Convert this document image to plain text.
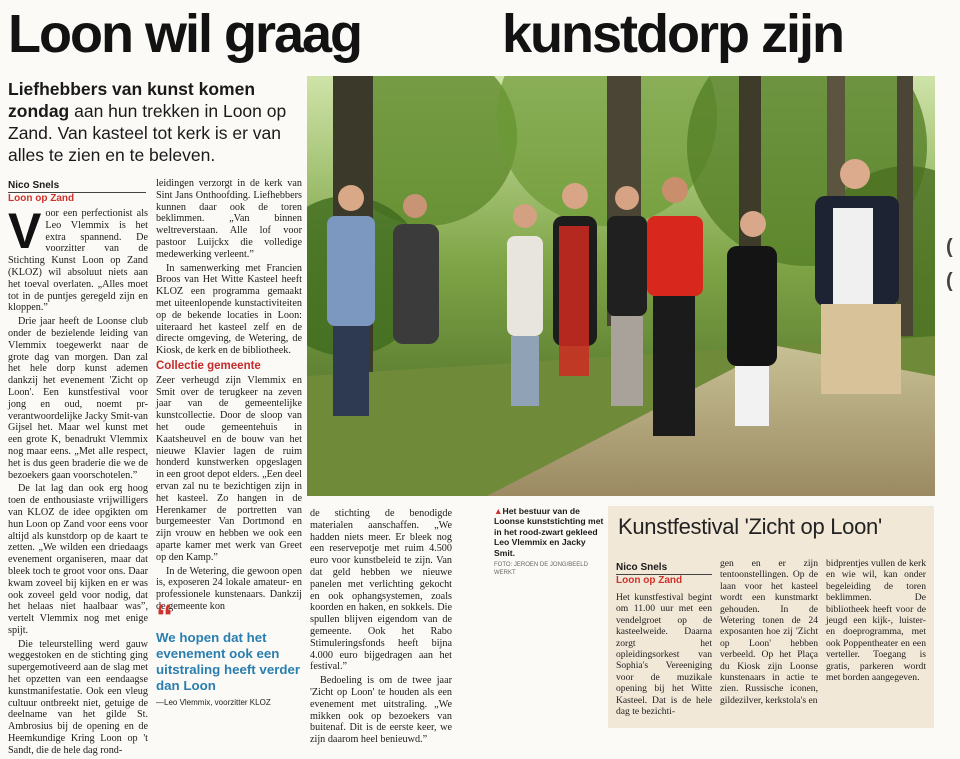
Loon wil graag	kunstdorp zijn
Liefhebbers van kunst komen zondag aan hun trekken in Loon op Zand. Van kasteel tot kerk is er van alles te zien en te beleven.
Nico Snels
Loon op Zand

Voor een perfectionist als Leo Vlemmix is het extra spannend. De voorzitter van de Stichting Kunst Loon op Zand (KLOZ) wil absoluut niets aan het toeval overlaten. „Alles moet tot in de puntjes geregeld zijn en kloppen.”

Drie jaar heeft de Loonse club onder de bezielende leiding van Vlemmix toegewerkt naar de grote dag van morgen. Dan zal het hele dorp kunst ademen dankzij het evenement 'Zicht op Loon'. Een kunstfestival voor jong en oud, noemt pr-verantwoordelijke Jacky Smit-van Gijsel het. Maar wel kunst met een grote K, benadrukt Vlemmix nog maar eens. „Met alle respect, het is dus geen braderie die we de bezoekers gaan voorschotelen.”

De lat lag dan ook erg hoog toen de enthousiaste vrijwilligers van KLOZ de idee opgikten om hun Loon op Zand voor eens voor altijd als kunstdorp op de kaart te zetten. „We wilden een driedaags evenement organiseren, maar dat bleek toch te groot voor ons. Daar kwam zoveel bij kijken en er was ook zoveel geld voor nodig, dat het helaas niet haalbaar was”, vertelt Vlemmix nog met enige spijt.

Die teleurstelling werd gauw weggestoken en de stichting ging supergemotiveerd aan de slag met het opzetten van een eendaagse kunstmanifestatie. Ook een vleug cultuur ontbreekt niet, getuige de deelname van het gilde St. Ambrosius bij de opening en de Heemkundige Kring Loon op 't Sandt, die de hele dag rond-

leidingen verzorgt in de kerk van Sint Jans Onthoofding. Liefhebbers kunnen daar ook de toren beklimmen. „Van binnen weltreverstaan. Alle lof voor pastoor Luijckx die volledige medewerking verleent.”

In samenwerking met Francien Broos van Het Witte Kasteel heeft KLOZ een programma gemaakt met uiteenlopende kunstactiviteiten op de bekende locaties in Loon: uiteraard het kasteel zelf en de directe omgeving, de Wetering, de Kiosk, de kerk en de bibliotheek.

Collectie gemeente

Zeer verheugd zijn Vlemmix en Smit over de terugkeer na zeven jaar van de gemeentelijke kunstcollectie. Door de sloop van het oude gemeentehuis in Kaatsheuvel en de bouw van het nieuwe Klavier lagen de ruim honderd kunstwerken opgeslagen in een groot depot elders. „Een deel ervan zal nu te bezichtigen zijn in het kasteel. Zo hangen in de Herenkamer de portretten van burgemeester Van Dortmond en zijn vrouw en hebben we ook een aparte kamer met werk van Greet op den Kamp.”

In de Wetering, die gewoon open is, exposeren 24 lokale amateur- en professionele kunstenaars. Dankzij de gemeente kon

“
We hopen dat het evenement ook een uitstraling heeft verder dan Loon
—Leo Vlemmix, voorzitter KLOZ

de stichting de benodigde materialen aanschaffen. „We hadden niets meer. Er bleek nog een reservepotje met ruim 4.500 euro voor kunstbeleid te zijn. Van dat geld hebben we nieuwe panelen met verlichting gekocht en ook ophangsystemen, zoals koorden en haken, en sokkels. Die spullen blijven eigendom van de gemeente. Ook het Rabo Stimuleringsfonds heeft bijna 4.000 euro bijgedragen aan het festival.”

Bedoeling is om de twee jaar 'Zicht op Loon' te houden als een evenement met uitstraling. „We mikken ook op bezoekers van buitenaf. Dit is de eerste keer, we zijn daarom heel benieuwd.”

▲Het bestuur van de Loonse kunststichting met in het rood-zwart gekleed Leo Vlemmix en Jacky Smit.
FOTO: JEROEN DE JONG/BEELD WERKT
Kunstfestival 'Zicht op Loon'
Nico Snels
Loon op Zand

Het kunstfestival begint om 11.00 uur met een vendelgroet op de kasteelweide. Daarna zorgt het opleidingsorkest van Sophia's Vereeniging voor de muzikale opening bij het Witte Kasteel. Dat is de hele dag te bezichti-

gen en er zijn tentoonstellingen. Op de laan voor het kasteel wordt een kunstmarkt gehouden. In de Wetering tonen de 24 exposanten hoe zij 'Zicht op Loon' hebben verbeeld. Op het Plaça du Kiosk zijn Loonse kunstenaars in actie te zien. Russische iconen, gildezilver, kerkstola's en

bidprentjes vullen de kerk en wie wil, kan onder begeleiding de toren beklimmen. De bibliotheek heeft voor de jeugd een kijk-, luister- en doeprogramma, met ook Poppentheater en een verteller. Toegang is gratis, parkeren wordt met borden aangegeven.

(
(
